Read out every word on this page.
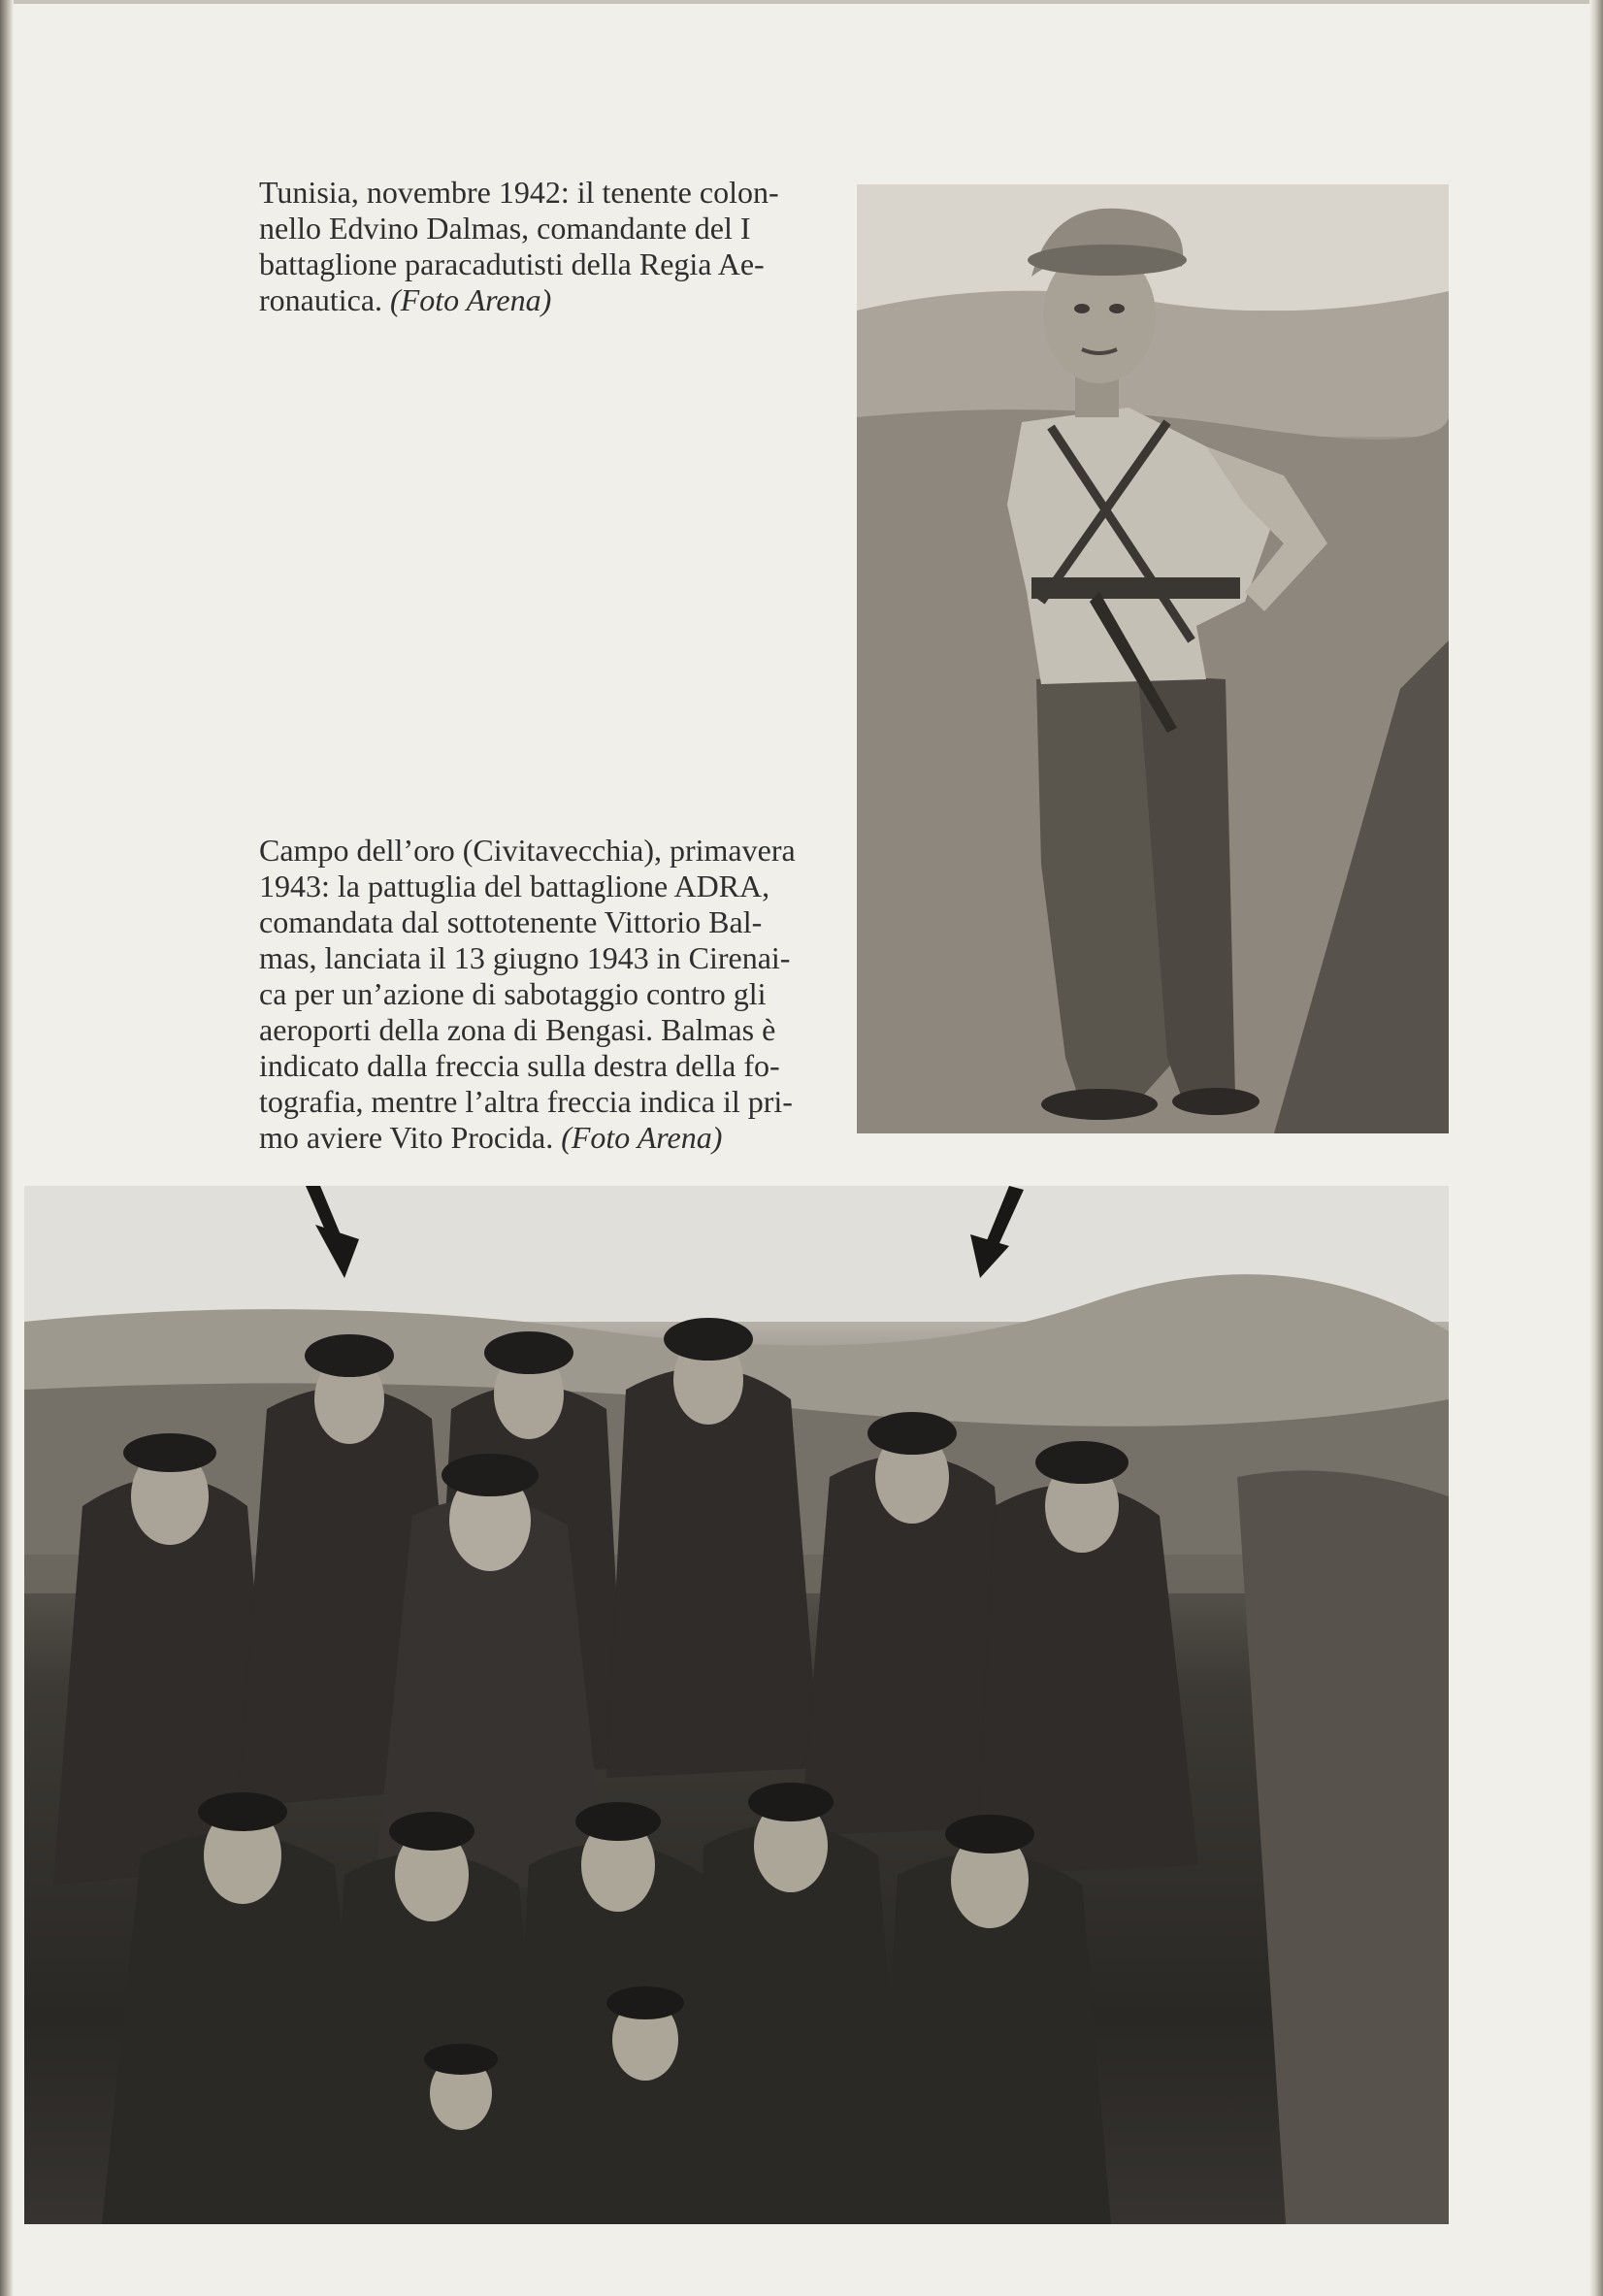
Tunisia, novembre 1942: il tenente colon-
nello Edvino Dalmas, comandante del I
battaglione paracadutisti della Regia Ae-
ronautica. (Foto Arena)

Campo dell’oro (Civitavecchia), primavera
1943: la pattuglia del battaglione ADRA,
comandata dal sottotenente Vittorio Bal-
mas, lanciata il 13 giugno 1943 in Cirenai-
ca per un’azione di sabotaggio contro gli
aeroporti della zona di Bengasi. Balmas è
indicato dalla freccia sulla destra della fo-
tografia, mentre l’altra freccia indica il pri-
mo aviere Vito Procida. (Foto Arena)
